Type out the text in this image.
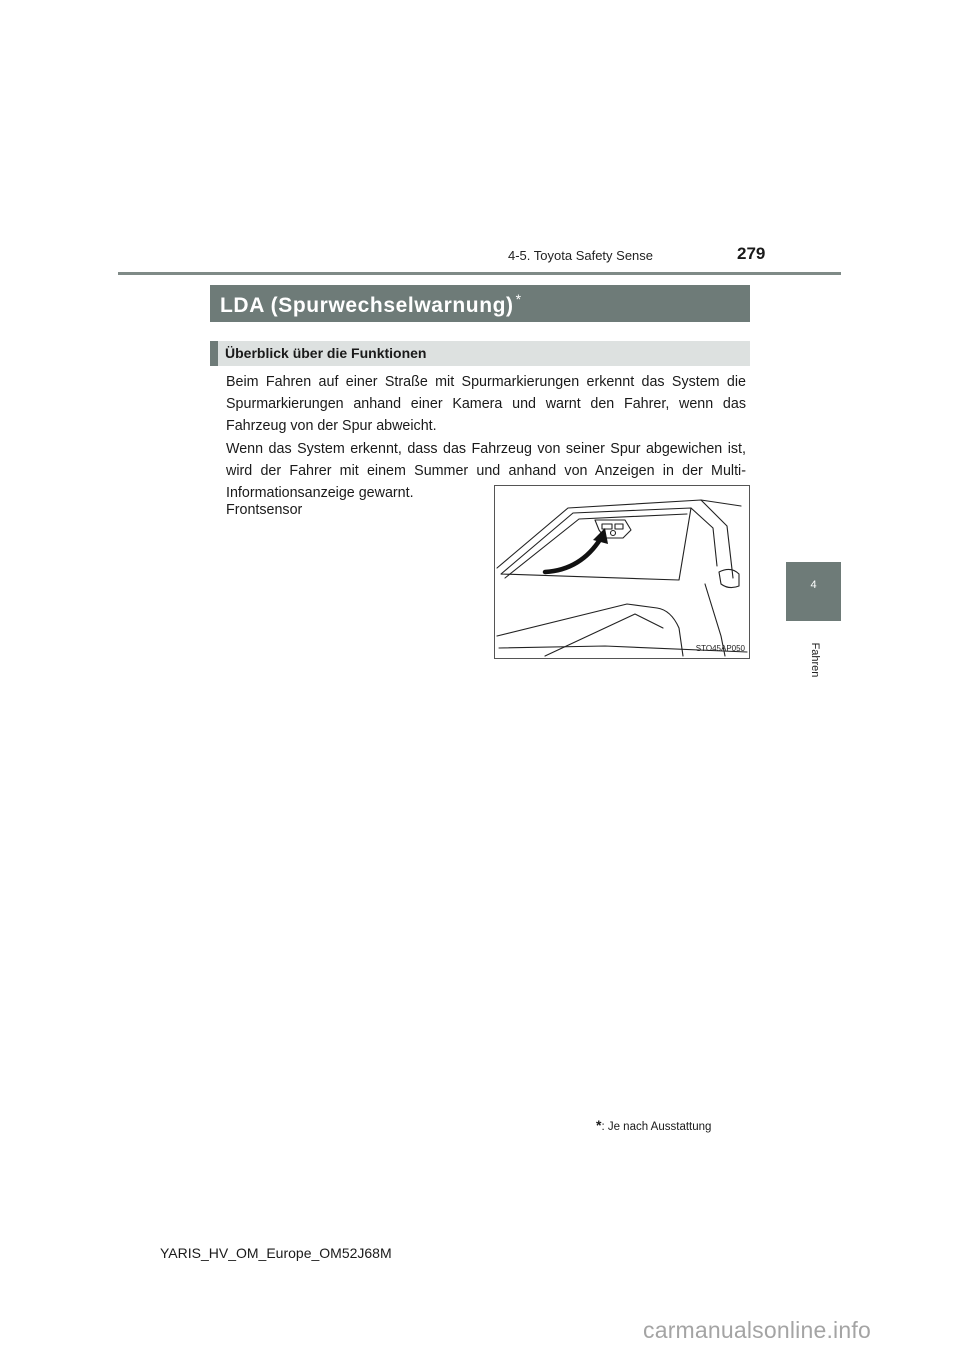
4-5. Toyota Safety Sense	279
LDA (Spurwechselwarnung) *
Überblick über die Funktionen

Beim Fahren auf einer Straße mit Spurmarkierungen erkennt das System die Spurmarkierungen anhand einer Kamera und warnt den Fahrer, wenn das Fahrzeug von der Spur abweicht.

Wenn das System erkennt, dass das Fahrzeug von seiner Spur abgewichen ist, wird der Fahrer mit einem Summer und anhand von Anzeigen in der Multi-Informationsanzeige gewarnt.

Frontsensor
STO45AP050
4
Fahren
*: Je nach Ausstattung
YARIS_HV_OM_Europe_OM52J68M
carmanualsonline.info
